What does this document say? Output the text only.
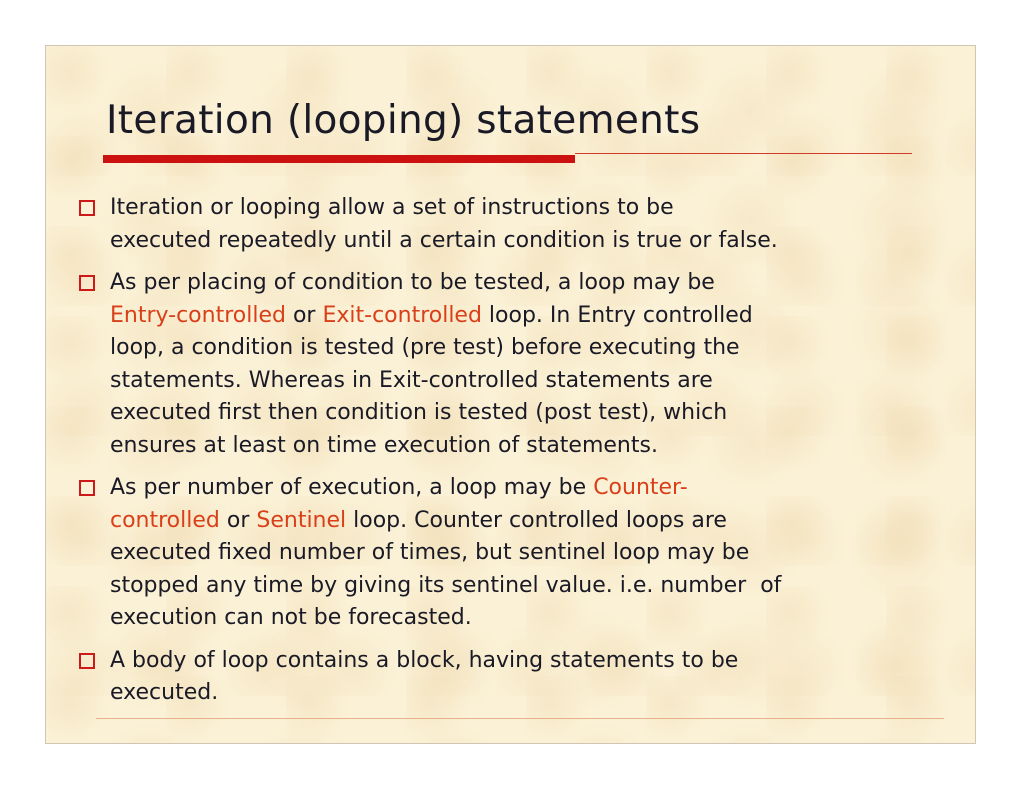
Iteration (looping) statements
Iteration or looping allow a set of instructions to be
executed repeatedly until a certain condition is true or false.
As per placing of condition to be tested, a loop may be
Entry-controlled or Exit-controlled loop. In Entry controlled
loop, a condition is tested (pre test) before executing the
statements. Whereas in Exit-controlled statements are
executed first then condition is tested (post test), which
ensures at least on time execution of statements.
As per number of execution, a loop may be Counter-
controlled or Sentinel loop. Counter controlled loops are
executed fixed number of times, but sentinel loop may be
stopped any time by giving its sentinel value. i.e. number  of
execution can not be forecasted.
A body of loop contains a block, having statements to be
executed.
